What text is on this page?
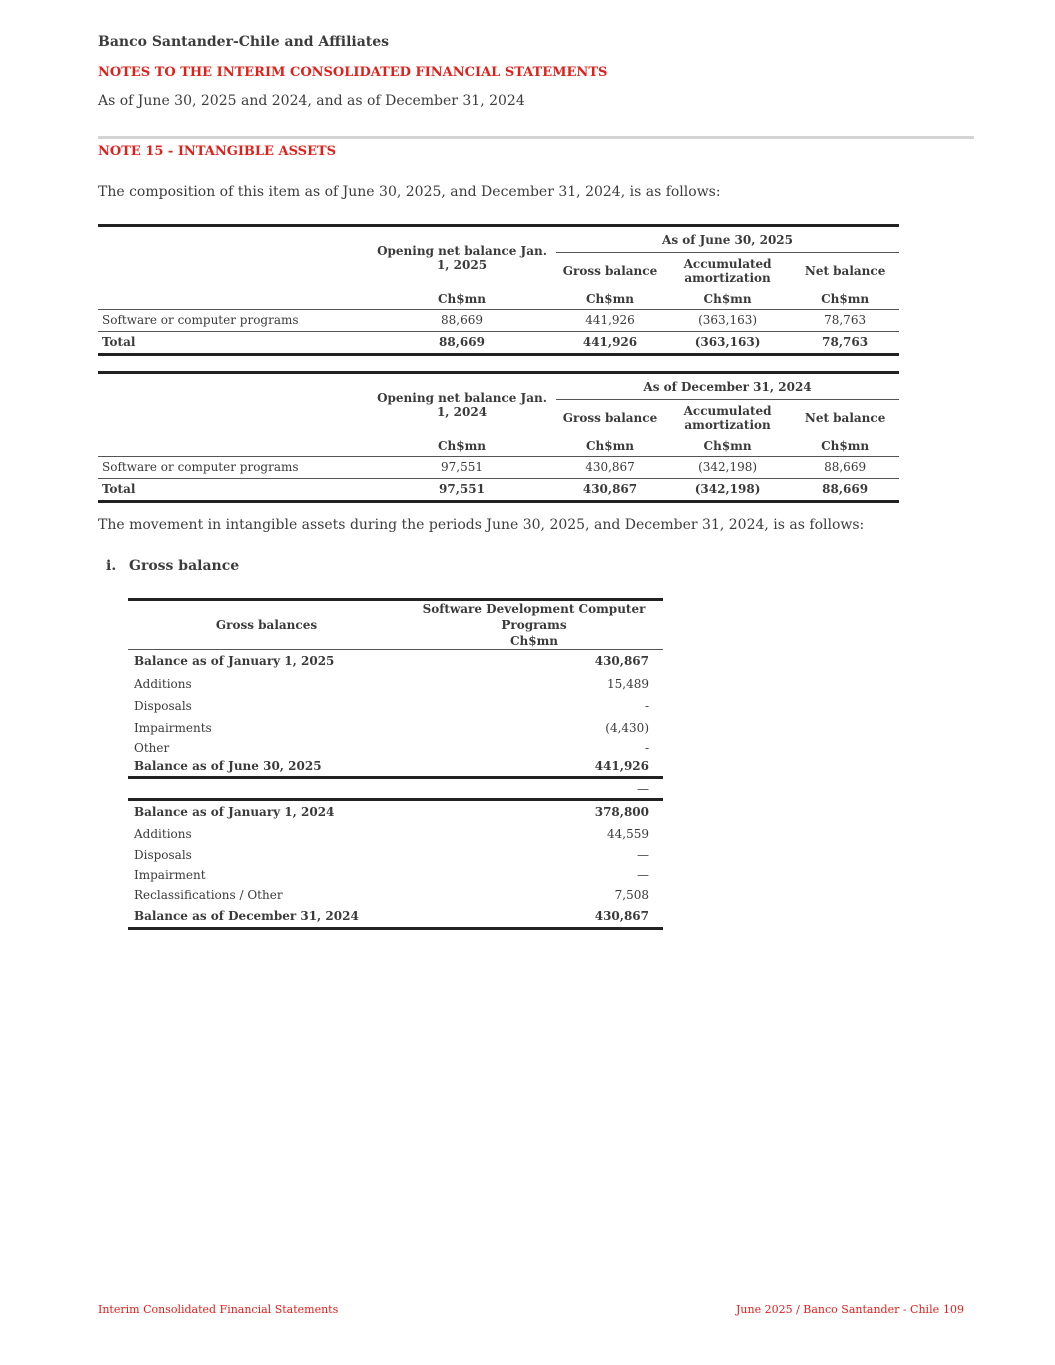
Banco Santander-Chile and Affiliates
NOTES TO THE INTERIM CONSOLIDATED FINANCIAL STATEMENTS
As of June 30, 2025 and 2024, and as of December 31, 2024
NOTE 15 - INTANGIBLE ASSETS
The composition of this item as of June 30, 2025, and December 31, 2024, is as follows:
	Opening net balance Jan. 1, 2025	As of June 30, 2025		
		Gross balance	Accumulated amortization	Net balance
	Ch$mn	Ch$mn	Ch$mn	Ch$mn
Software or computer programs	88,669	441,926	(363,163)	78,763
Total	88,669	441,926	(363,163)	78,763
	Opening net balance Jan. 1, 2024	As of December 31, 2024		
		Gross balance	Accumulated amortization	Net balance
	Ch$mn	Ch$mn	Ch$mn	Ch$mn
Software or computer programs	97,551	430,867	(342,198)	88,669
Total	97,551	430,867	(342,198)	88,669
The movement in intangible assets during the periods June 30, 2025, and December 31, 2024, is as follows:
i. Gross balance
Gross balances	Software Development Computer
Programs
Ch$mn

Balance as of January 1, 2025	430,867
Additions	15,489
Disposals	-
Impairments	(4,430)
Other	-
Balance as of June 30, 2025	441,926
	—
Balance as of January 1, 2024	378,800
Additions	44,559
Disposals	—
Impairment	—
Reclassifications / Other	7,508
Balance as of December 31, 2024	430,867
Interim Consolidated Financial Statements	June 2025 / Banco Santander - Chile 109
